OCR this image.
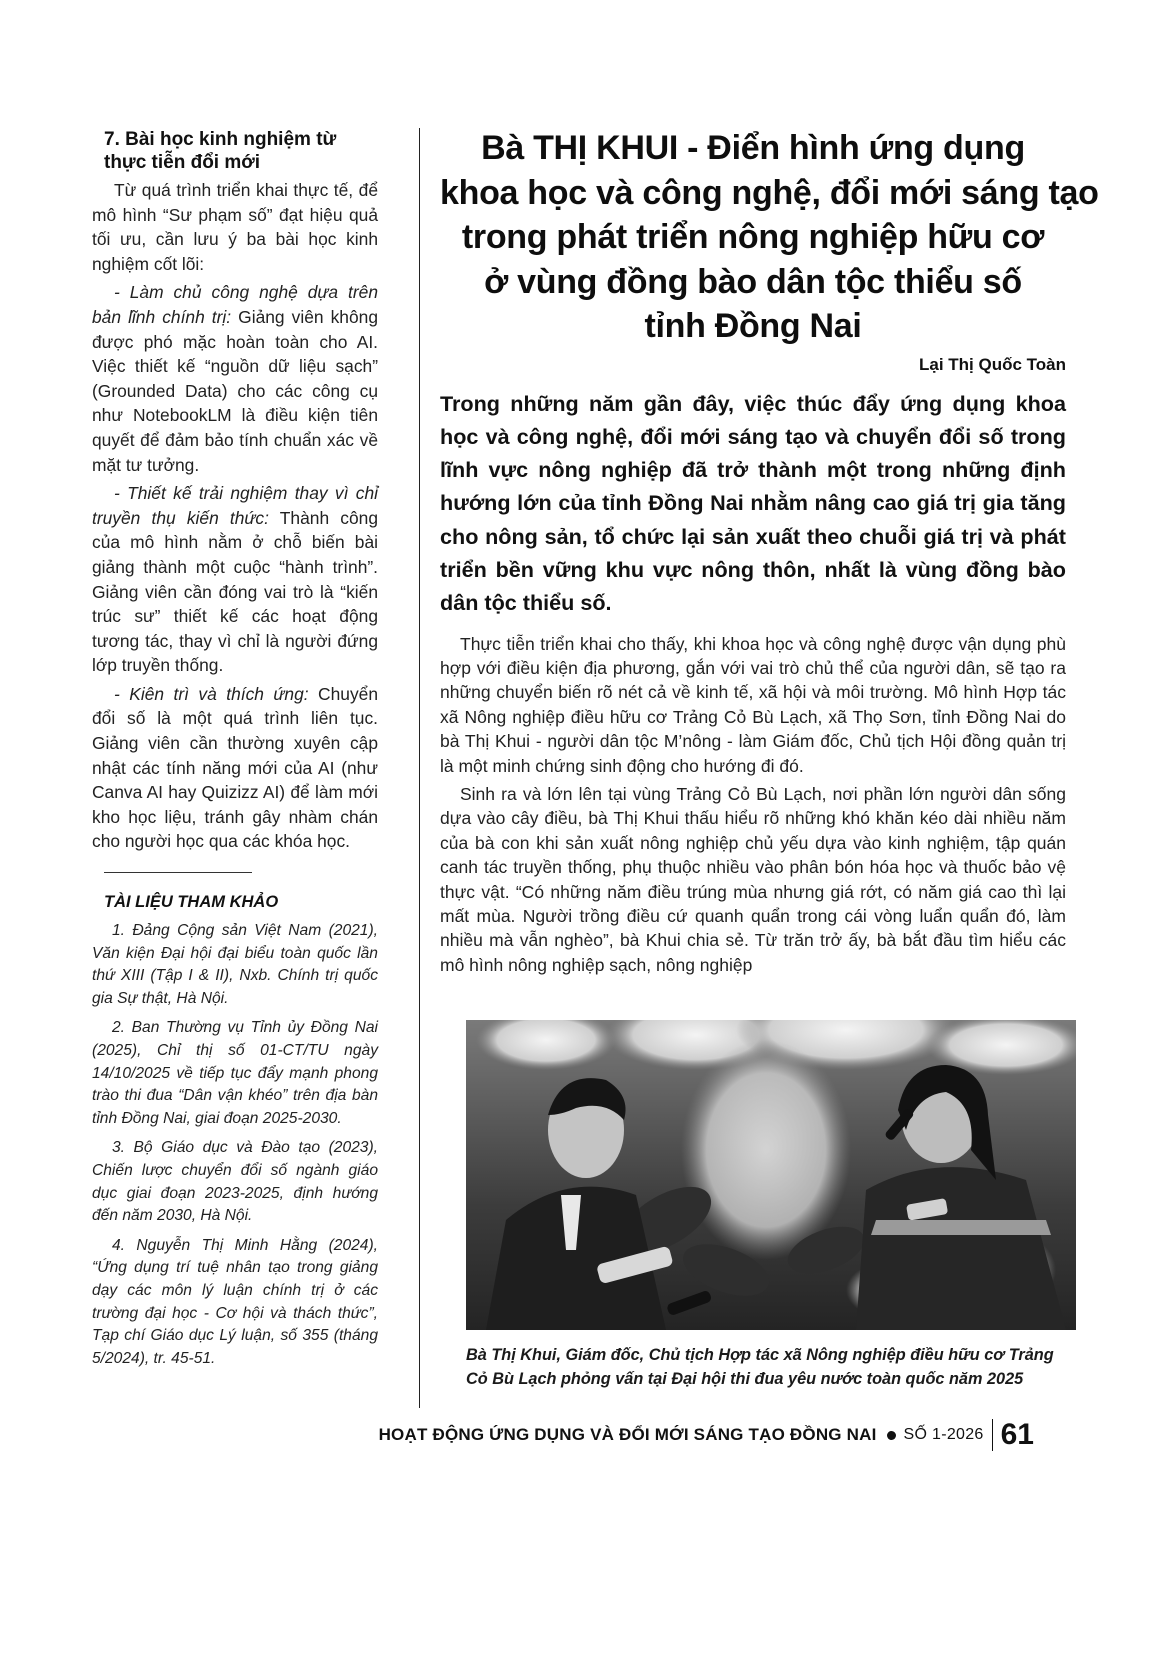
7. Bài học kinh nghiệm từ
thực tiễn đổi mới

Từ quá trình triển khai thực tế, để mô hình “Sư phạm số” đạt hiệu quả tối ưu, cần lưu ý ba bài học kinh nghiệm cốt lõi:

- Làm chủ công nghệ dựa trên bản lĩnh chính trị: Giảng viên không được phó mặc hoàn toàn cho AI. Việc thiết kế “nguồn dữ liệu sạch” (Grounded Data) cho các công cụ như NotebookLM là điều kiện tiên quyết để đảm bảo tính chuẩn xác về mặt tư tưởng.

- Thiết kế trải nghiệm thay vì chỉ truyền thụ kiến thức: Thành công của mô hình nằm ở chỗ biến bài giảng thành một cuộc “hành trình”. Giảng viên cần đóng vai trò là “kiến trúc sư” thiết kế các hoạt động tương tác, thay vì chỉ là người đứng lớp truyền thống.

- Kiên trì và thích ứng: Chuyển đổi số là một quá trình liên tục. Giảng viên cần thường xuyên cập nhật các tính năng mới của AI (như Canva AI hay Quizizz AI) để làm mới kho học liệu, tránh gây nhàm chán cho người học qua các khóa học.

TÀI LIỆU THAM KHẢO

1. Đảng Cộng sản Việt Nam (2021), Văn kiện Đại hội đại biểu toàn quốc lần thứ XIII (Tập I & II), Nxb. Chính trị quốc gia Sự thật, Hà Nội.

2. Ban Thường vụ Tỉnh ủy Đồng Nai (2025), Chỉ thị số 01-CT/TU ngày 14/10/2025 về tiếp tục đẩy mạnh phong trào thi đua “Dân vận khéo” trên địa bàn tỉnh Đồng Nai, giai đoạn 2025-2030.

3. Bộ Giáo dục và Đào tạo (2023), Chiến lược chuyển đổi số ngành giáo dục giai đoạn 2023-2025, định hướng đến năm 2030, Hà Nội.

4. Nguyễn Thị Minh Hằng (2024), “Ứng dụng trí tuệ nhân tạo trong giảng dạy các môn lý luận chính trị ở các trường đại học - Cơ hội và thách thức”, Tạp chí Giáo dục Lý luận, số 355 (tháng 5/2024), tr. 45-51.

Bà THỊ KHUI - Điển hình ứng dụng
khoa học và công nghệ, đổi mới sáng tạo
trong phát triển nông nghiệp hữu cơ
ở vùng đồng bào dân tộc thiểu số
tỉnh Đồng Nai
Lại Thị Quốc Toàn

Trong những năm gần đây, việc thúc đẩy ứng dụng khoa học và công nghệ, đổi mới sáng tạo và chuyển đổi số trong lĩnh vực nông nghiệp đã trở thành một trong những định hướng lớn của tỉnh Đồng Nai nhằm nâng cao giá trị gia tăng cho nông sản, tổ chức lại sản xuất theo chuỗi giá trị và phát triển bền vững khu vực nông thôn, nhất là vùng đồng bào dân tộc thiểu số.

Thực tiễn triển khai cho thấy, khi khoa học và công nghệ được vận dụng phù hợp với điều kiện địa phương, gắn với vai trò chủ thể của người dân, sẽ tạo ra những chuyển biến rõ nét cả về kinh tế, xã hội và môi trường. Mô hình Hợp tác xã Nông nghiệp điều hữu cơ Trảng Cỏ Bù Lạch, xã Thọ Sơn, tỉnh Đồng Nai do bà Thị Khui - người dân tộc M’nông - làm Giám đốc, Chủ tịch Hội đồng quản trị là một minh chứng sinh động cho hướng đi đó.

Sinh ra và lớn lên tại vùng Trảng Cỏ Bù Lạch, nơi phần lớn người dân sống dựa vào cây điều, bà Thị Khui thấu hiểu rõ những khó khăn kéo dài nhiều năm của bà con khi sản xuất nông nghiệp chủ yếu dựa vào kinh nghiệm, tập quán canh tác truyền thống, phụ thuộc nhiều vào phân bón hóa học và thuốc bảo vệ thực vật. “Có những năm điều trúng mùa nhưng giá rớt, có năm giá cao thì lại mất mùa. Người trồng điều cứ quanh quẩn trong cái vòng luẩn quẩn đó, làm nhiều mà vẫn nghèo”, bà Khui chia sẻ. Từ trăn trở ấy, bà bắt đầu tìm hiểu các mô hình nông nghiệp sạch, nông nghiệp

Bà Thị Khui, Giám đốc, Chủ tịch Hợp tác xã Nông nghiệp điều hữu cơ Trảng Cỏ Bù Lạch phỏng vấn tại Đại hội thi đua yêu nước toàn quốc năm 2025

HOẠT ĐỘNG ỨNG DỤNG VÀ ĐỔI MỚI SÁNG TẠO ĐỒNG NAI SỐ 1-2026 61
